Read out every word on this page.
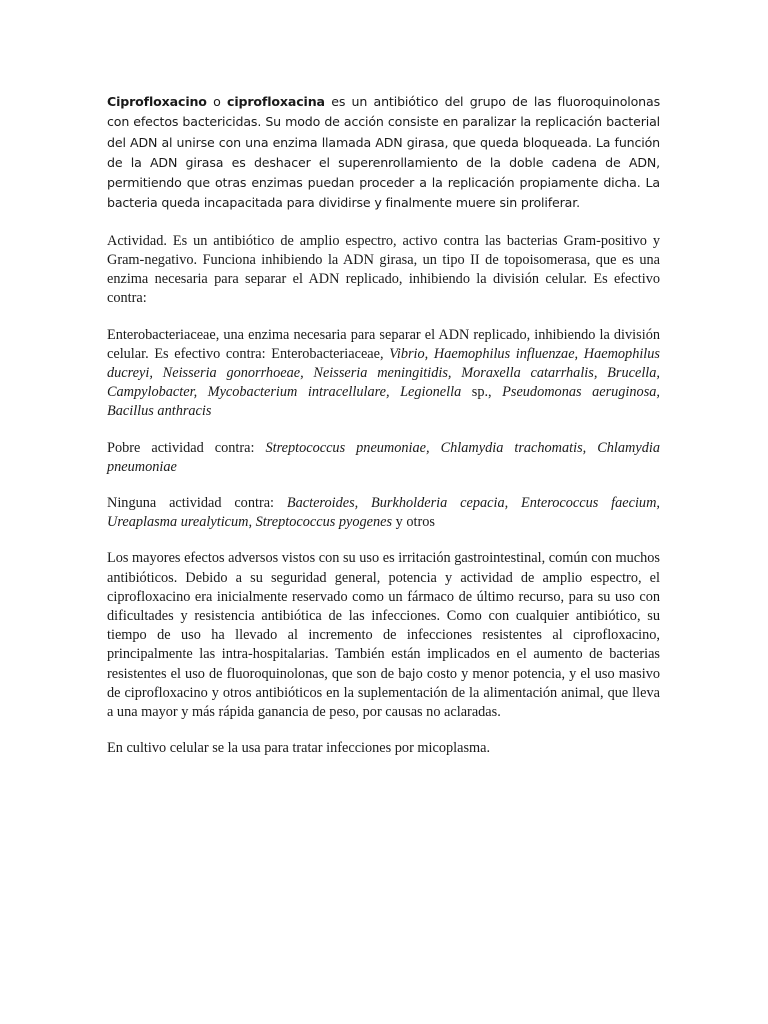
Ciprofloxacino o ciprofloxacina es un antibiótico del grupo de las fluoroquinolonas con efectos bactericidas. Su modo de acción consiste en paralizar la replicación bacterial del ADN al unirse con una enzima llamada ADN girasa, que queda bloqueada. La función de la ADN girasa es deshacer el superenrollamiento de la doble cadena de ADN, permitiendo que otras enzimas puedan proceder a la replicación propiamente dicha. La bacteria queda incapacitada para dividirse y finalmente muere sin proliferar.

Actividad. Es un antibiótico de amplio espectro, activo contra las bacterias Gram-positivo y Gram-negativo. Funciona inhibiendo la ADN girasa, un tipo II de topoisomerasa, que es una enzima necesaria para separar el ADN replicado, inhibiendo la división celular. Es efectivo contra:

Enterobacteriaceae, una enzima necesaria para separar el ADN replicado, inhibiendo la división celular. Es efectivo contra: Enterobacteriaceae, Vibrio, Haemophilus influenzae, Haemophilus ducreyi, Neisseria gonorrhoeae, Neisseria meningitidis, Moraxella catarrhalis, Brucella, Campylobacter, Mycobacterium intracellulare, Legionella sp., Pseudomonas aeruginosa, Bacillus anthracis

Pobre actividad contra: Streptococcus pneumoniae, Chlamydia trachomatis, Chlamydia pneumoniae

Ninguna actividad contra: Bacteroides, Burkholderia cepacia, Enterococcus faecium, Ureaplasma urealyticum, Streptococcus pyogenes y otros

Los mayores efectos adversos vistos con su uso es irritación gastrointestinal, común con muchos antibióticos. Debido a su seguridad general, potencia y actividad de amplio espectro, el ciprofloxacino era inicialmente reservado como un fármaco de último recurso, para su uso con dificultades y resistencia antibiótica de las infecciones. Como con cualquier antibiótico, su tiempo de uso ha llevado al incremento de infecciones resistentes al ciprofloxacino, principalmente las intra-hospitalarias. También están implicados en el aumento de bacterias resistentes el uso de fluoroquinolonas, que son de bajo costo y menor potencia, y el uso masivo de ciprofloxacino y otros antibióticos en la suplementación de la alimentación animal, que lleva a una mayor y más rápida ganancia de peso, por causas no aclaradas.

En cultivo celular se la usa para tratar infecciones por micoplasma.
